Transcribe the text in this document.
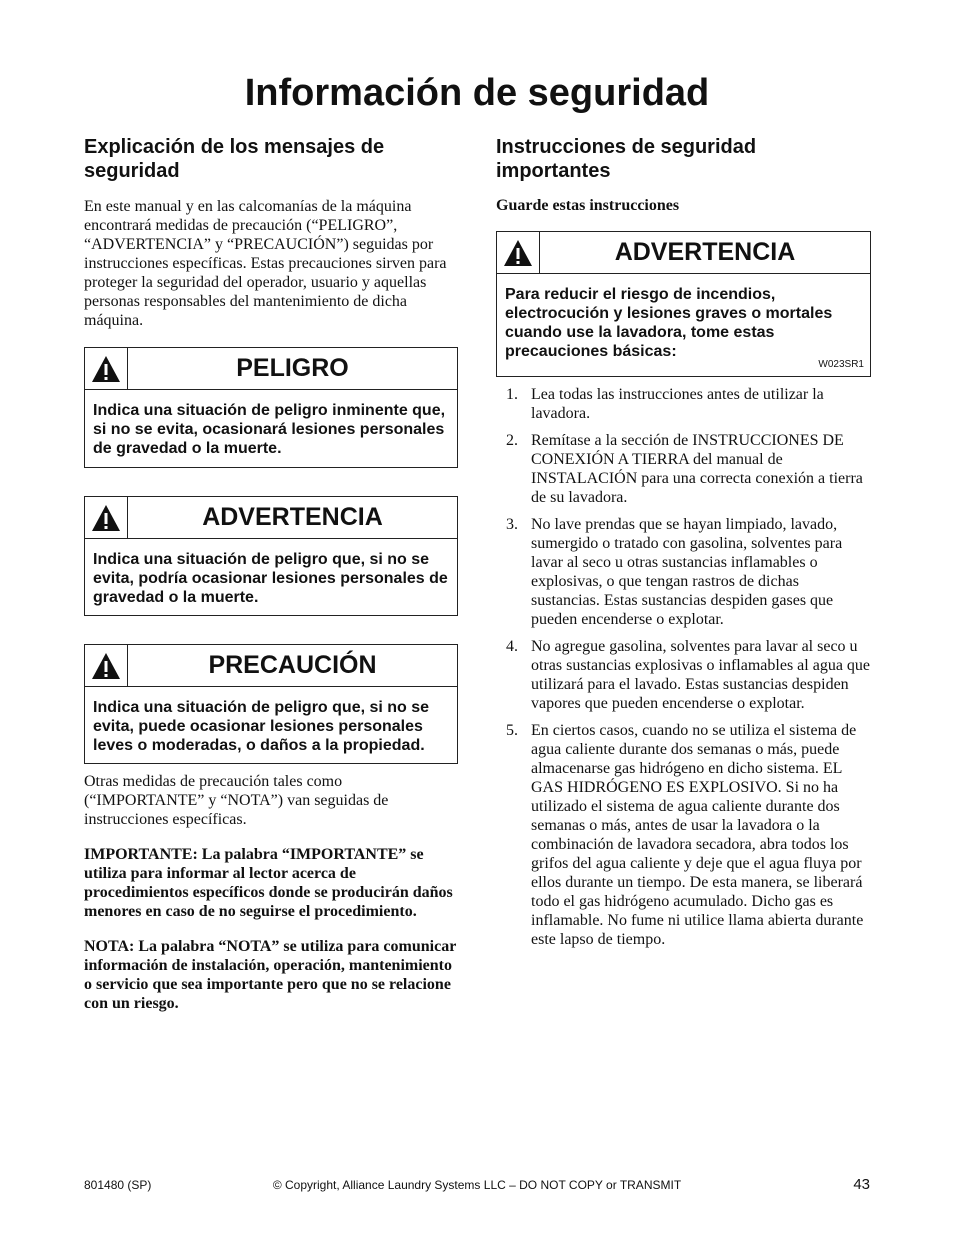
Información de seguridad
Explicación de los mensajes de seguridad

En este manual y en las calcomanías de la máquina encontrará medidas de precaución (“PELIGRO”, “ADVERTENCIA” y “PRECAUCIÓN”) seguidas por instrucciones específicas. Estas precauciones sirven para proteger la seguridad del operador, usuario y aquellas personas responsables del mantenimiento de dicha máquina.

PELIGRO
Indica una situación de peligro inminente que, si no se evita, ocasionará lesiones personales de gravedad o la muerte.
ADVERTENCIA
Indica una situación de peligro que, si no se evita, podría ocasionar lesiones personales de gravedad o la muerte.
PRECAUCIÓN
Indica una situación de peligro que, si no se evita, puede ocasionar lesiones personales leves o moderadas, o daños a la propiedad.

Otras medidas de precaución tales como (“IMPORTANTE” y “NOTA”) van seguidas de instrucciones específicas.

IMPORTANTE: La palabra “IMPORTANTE” se utiliza para informar al lector acerca de procedimientos específicos donde se producirán daños menores en caso de no seguirse el procedimiento.

NOTA: La palabra “NOTA” se utiliza para comunicar información de instalación, operación, mantenimiento o servicio que sea importante pero que no se relacione con un riesgo.

Instrucciones de seguridad importantes

Guarde estas instrucciones

ADVERTENCIA
Para reducir el riesgo de incendios, electrocución y lesiones graves o mortales cuando use la lavadora, tome estas precauciones básicas:
W023SR1
1. Lea todas las instrucciones antes de utilizar la lavadora.
2. Remítase a la sección de INSTRUCCIONES DE CONEXIÓN A TIERRA del manual de INSTALACIÓN para una correcta conexión a tierra de su lavadora.
3. No lave prendas que se hayan limpiado, lavado, sumergido o tratado con gasolina, solventes para lavar al seco u otras sustancias inflamables o explosivas, o que tengan rastros de dichas sustancias. Estas sustancias despiden gases que pueden encenderse o explotar.
4. No agregue gasolina, solventes para lavar al seco u otras sustancias explosivas o inflamables al agua que utilizará para el lavado. Estas sustancias despiden vapores que pueden encenderse o explotar.
5. En ciertos casos, cuando no se utiliza el sistema de agua caliente durante dos semanas o más, puede almacenarse gas hidrógeno en dicho sistema. EL GAS HIDRÓGENO ES EXPLOSIVO. Si no ha utilizado el sistema de agua caliente durante dos semanas o más, antes de usar la lavadora o la combinación de lavadora secadora, abra todos los grifos del agua caliente y deje que el agua fluya por ellos durante un tiempo. De esta manera, se liberará todo el gas hidrógeno acumulado. Dicho gas es inflamable. No fume ni utilice llama abierta durante este lapso de tiempo.
801480 (SP)	© Copyright, Alliance Laundry Systems LLC – DO NOT COPY or TRANSMIT	43
